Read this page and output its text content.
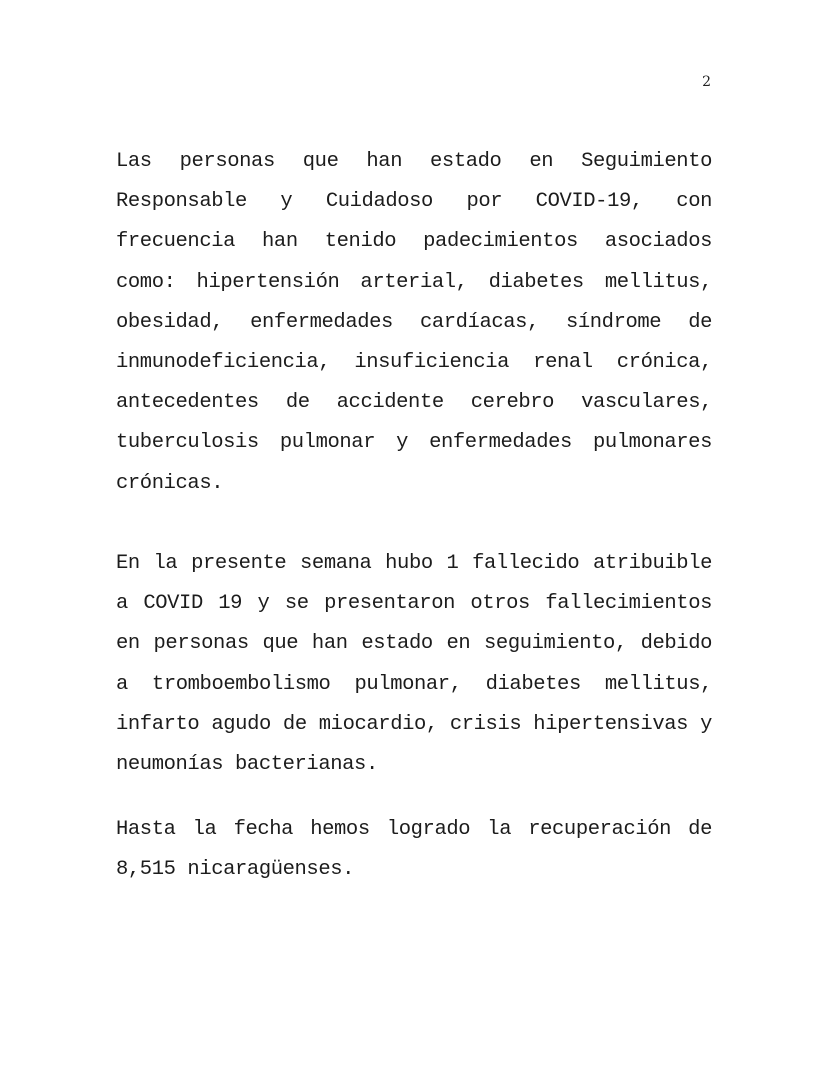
2

Las personas que han estado en Seguimiento Responsable y Cuidadoso por COVID-19, con frecuencia han tenido padecimientos asociados como: hipertensión arterial, diabetes mellitus, obesidad, enfermedades cardíacas, síndrome de inmunodeficiencia, insuficiencia renal crónica, antecedentes de accidente cerebro vasculares, tuberculosis pulmonar y enfermedades pulmonares crónicas.

En la presente semana hubo 1 fallecido atribuible a COVID 19 y se presentaron otros fallecimientos en personas que han estado en seguimiento, debido a tromboembolismo pulmonar, diabetes mellitus, infarto agudo de miocardio, crisis hipertensivas y neumonías bacterianas.

Hasta la fecha hemos logrado la recuperación de 8,515 nicaragüenses.
